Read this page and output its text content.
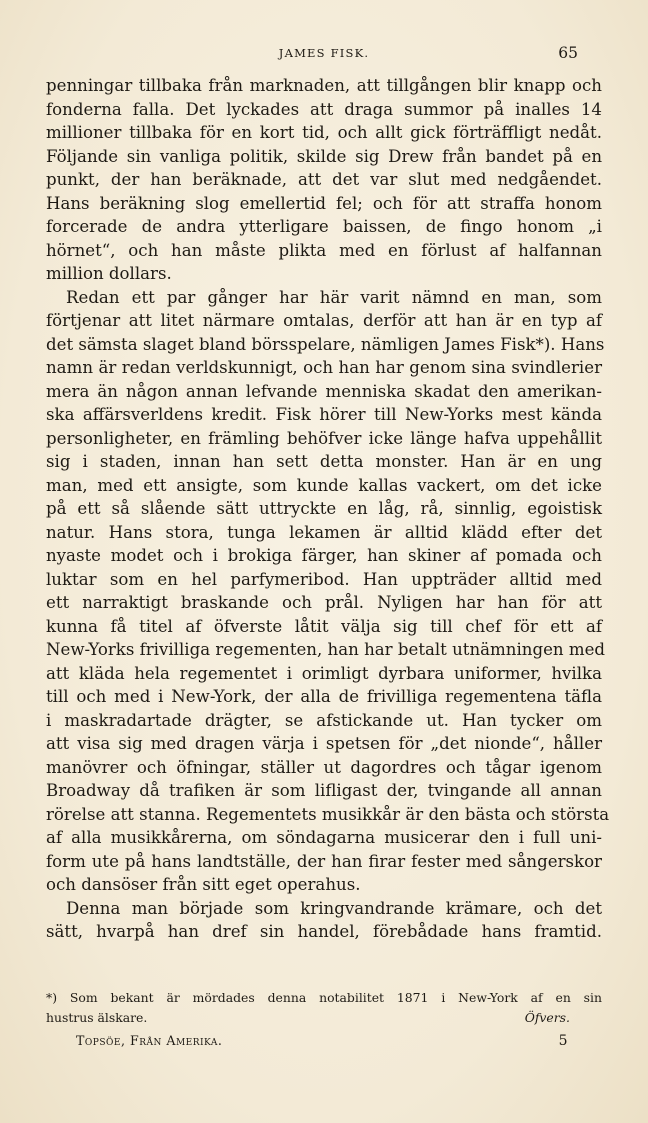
JAMES FISK.	65
penningar tillbaka från marknaden, att tillgången blir knapp och
fonderna falla. Det lyckades att draga summor på inalles 14
millioner tillbaka för en kort tid, och allt gick förträffligt nedåt.
Följande sin vanliga politik, skilde sig Drew från bandet på en
punkt, der han beräknade, att det var slut med nedgåendet.
Hans beräkning slog emellertid fel; och för att straffa honom
forcerade de andra ytterligare baissen, de fingo honom „i
hörnet“, och han måste plikta med en förlust af halfannan
million dollars.
Redan ett par gånger har här varit nämnd en man, som
förtjenar att litet närmare omtalas, derför att han är en typ af
det sämsta slaget bland börsspelare, nämligen James Fisk*). Hans
namn är redan verldskunnigt, och han har genom sina svindlerier
mera än någon annan lefvande menniska skadat den amerikan-
ska affärsverldens kredit. Fisk hörer till New-Yorks mest kända
personligheter, en främling behöfver icke länge hafva uppehållit
sig i staden, innan han sett detta monster. Han är en ung
man, med ett ansigte, som kunde kallas vackert, om det icke
på ett så slående sätt uttryckte en låg, rå, sinnlig, egoistisk
natur. Hans stora, tunga lekamen är alltid klädd efter det
nyaste modet och i brokiga färger, han skiner af pomada och
luktar som en hel parfymeribod. Han uppträder alltid med
ett narraktigt braskande och prål. Nyligen har han för att
kunna få titel af öfverste låtit välja sig till chef för ett af
New-Yorks frivilliga regementen, han har betalt utnämningen med
att kläda hela regementet i orimligt dyrbara uniformer, hvilka
till och med i New-York, der alla de frivilliga regementena täfla
i maskradartade drägter, se afstickande ut. Han tycker om
att visa sig med dragen värja i spetsen för „det nionde“, håller
manövrer och öfningar, ställer ut dagordres och tågar igenom
Broadway då trafiken är som lifligast der, tvingande all annan
rörelse att stanna. Regementets musikkår är den bästa och största
af alla musikkårerna, om söndagarna musicerar den i full uni-
form ute på hans landtställe, der han firar fester med sångerskor
och dansöser från sitt eget operahus.
Denna man började som kringvandrande krämare, och det
sätt, hvarpå han dref sin handel, förebådade hans framtid.
*) Som bekant är mördades denna notabilitet 1871 i New-York af en sin
hustrus älskare.	Öfvers.
Topsöe, Från Amerika.	5
